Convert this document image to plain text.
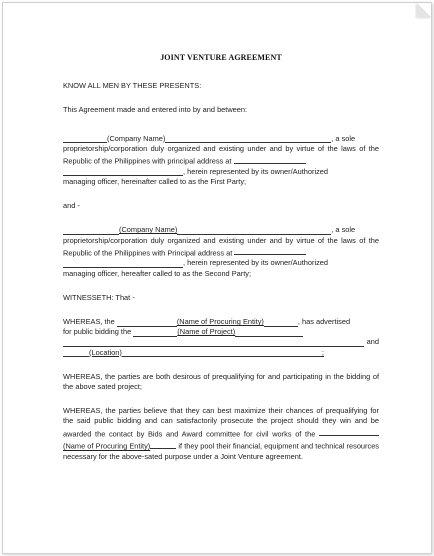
JOINT VENTURE AGREEMENT

KNOW ALL MEN BY THESE PRESENTS:

This Agreement made and entered into by and between:

(Company Name)	, a sole

proprietorship/corporation duly organized and existing under and by virtue of the laws of the Republic of the Philippines with principal address at

, herein represented by its owner/Authorized

managing officer, hereinafter called to as the First Party;

and -

(Company Name)	, a sole

proprietorship/corporation duly organized and existing under and by virtue of the laws of the Republic of the Philippines with Principal address at

, herein represented by its owner/Authorized

managing officer, hereafter called to as the Second Party;

WITNESSETH: That -

WHEREAS, the
	(Name of Procuring Entity)	, has advertised
for public bidding the
	(Name of Project)
and
(Location)	;

WHEREAS, the parties are both desirous of prequalifying for and participating in the bidding of the above sated project;

WHEREAS, the parties believe that they can best maximize their chances of prequalifying for the said public bidding and can satisfactorily prosecute the project should they win and be awarded the contact by Bids and Award committee for civil works of the (Name of Procuring Entity)	if they pool their financial, equipment and technical resources necessary for the above-sated purpose under a Joint Venture agreement.
